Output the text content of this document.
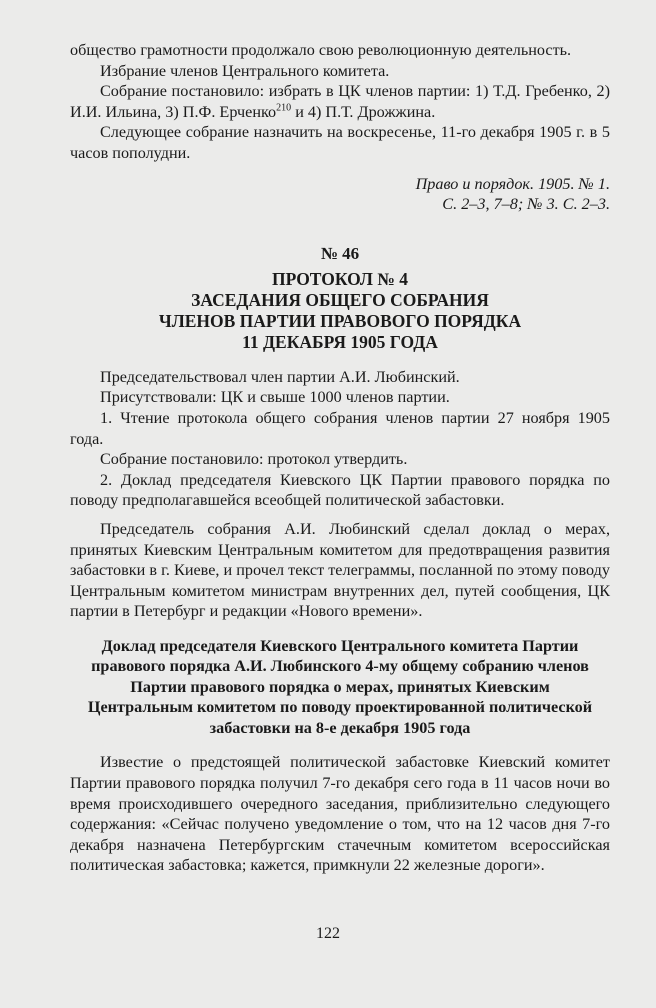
общество грамотности продолжало свою революционную деятельность.

Избрание членов Центрального комитета.

Собрание постановило: избрать в ЦК членов партии: 1) Т.Д. Гребенко, 2) И.И. Ильина, 3) П.Ф. Ерченко$^{210}$ и 4) П.Т. Дрожжина.

Следующее собрание назначить на воскресенье, 11-го декабря 1905 г. в 5 часов пополудни.

Право и порядок. 1905. № 1.
С. 2–3, 7–8; № 3. С. 2–3.
№ 46
ПРОТОКОЛ № 4
ЗАСЕДАНИЯ ОБЩЕГО СОБРАНИЯ
ЧЛЕНОВ ПАРТИИ ПРАВОВОГО ПОРЯДКА
11 ДЕКАБРЯ 1905 ГОДА

Председательствовал член партии А.И. Любинский.

Присутствовали: ЦК и свыше 1000 членов партии.

1. Чтение протокола общего собрания членов партии 27 ноября 1905 года.

Собрание постановило: протокол утвердить.

2. Доклад председателя Киевского ЦК Партии правового порядка по поводу предполагавшейся всеобщей политической забастовки.

Председатель собрания А.И. Любинский сделал доклад о мерах, принятых Киевским Центральным комитетом для предотвращения развития забастовки в г. Киеве, и прочел текст телеграммы, посланной по этому поводу Центральным комитетом министрам внутренних дел, путей сообщения, ЦК партии в Петербург и редакции «Нового времени».

Доклад председателя Киевского Центрального комитета Партии правового порядка А.И. Любинского 4-му общему собранию членов Партии правового порядка о мерах, принятых Киевским Центральным комитетом по поводу проектированной политической забастовки на 8-е декабря 1905 года

Известие о предстоящей политической забастовке Киевский комитет Партии правового порядка получил 7-го декабря сего года в 11 часов ночи во время происходившего очередного заседания, приблизительно следующего содержания: «Сейчас получено уведомление о том, что на 12 часов дня 7-го декабря назначена Петербургским стачечным комитетом всероссийская политическая забастовка; кажется, примкнули 22 железные дороги».

122
